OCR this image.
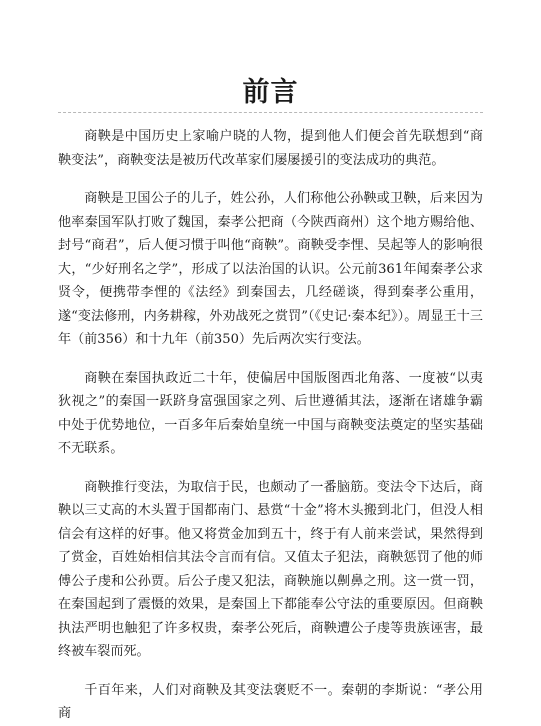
前言

商鞅是中国历史上家喻户晓的人物，提到他人们便会首先联想到“商鞅变法”，商鞅变法是被历代改革家们屡屡援引的变法成功的典范。

商鞅是卫国公子的儿子，姓公孙，人们称他公孙鞅或卫鞅，后来因为他率秦国军队打败了魏国，秦孝公把商（今陕西商州）这个地方赐给他、封号“商君”，后人便习惯于叫他“商鞅”。商鞅受李悝、吴起等人的影响很大，“少好刑名之学”，形成了以法治国的认识。公元前361年闻秦孝公求贤令，便携带李悝的《法经》到秦国去，几经磋谈，得到秦孝公重用，遂“变法修刑，内务耕稼，外劝战死之赏罚”（《史记·秦本纪》）。周显王十三年（前356）和十九年（前350）先后两次实行变法。

商鞅在秦国执政近二十年，使偏居中国版图西北角落、一度被“以夷狄视之”的秦国一跃跻身富强国家之列、后世遵循其法，逐渐在诸雄争霸中处于优势地位，一百多年后秦始皇统一中国与商鞅变法奠定的坚实基础不无联系。

商鞅推行变法，为取信于民，也颇动了一番脑筋。变法令下达后，商鞅以三丈高的木头置于国都南门、悬赏“十金”将木头搬到北门，但没人相信会有这样的好事。他又将赏金加到五十，终于有人前来尝试，果然得到了赏金，百姓始相信其法令言而有信。又值太子犯法，商鞅惩罚了他的师傅公子虔和公孙贾。后公子虔又犯法，商鞅施以劓鼻之刑。这一赏一罚，在秦国起到了震慑的效果，是秦国上下都能奉公守法的重要原因。但商鞅执法严明也触犯了许多权贵，秦孝公死后，商鞅遭公子虔等贵族诬害，最终被车裂而死。

千百年来，人们对商鞅及其变法褒贬不一。秦朝的李斯说：“孝公用商
